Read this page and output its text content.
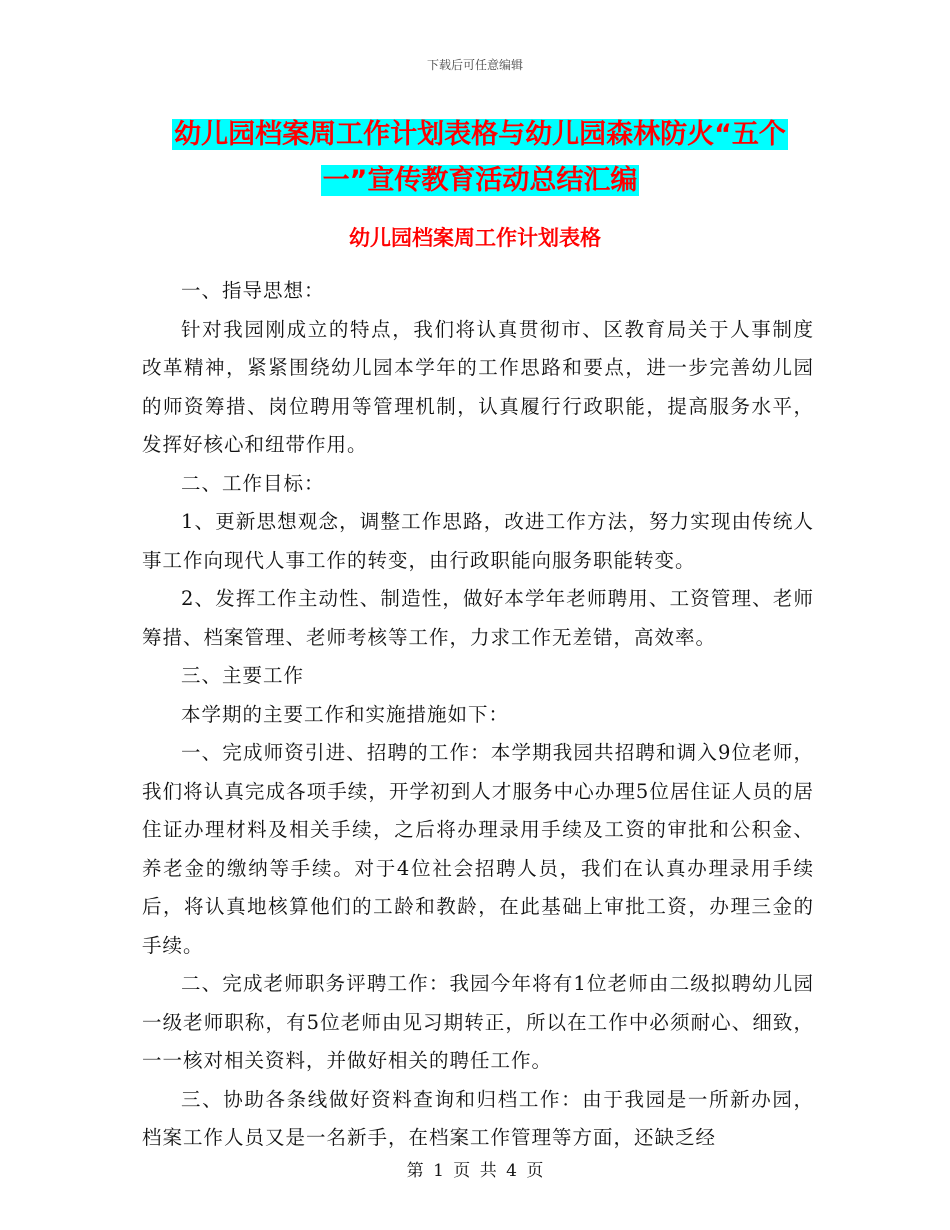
下载后可任意编辑
幼儿园档案周工作计划表格与幼儿园森林防火“五个
一”宣传教育活动总结汇编
幼儿园档案周工作计划表格

一、指导思想：

针对我园刚成立的特点，我们将认真贯彻市、区教育局关于人事制度改革精神，紧紧围绕幼儿园本学年的工作思路和要点，进一步完善幼儿园的师资筹措、岗位聘用等管理机制，认真履行行政职能，提高服务水平，发挥好核心和纽带作用。

二、工作目标：

1、更新思想观念，调整工作思路，改进工作方法，努力实现由传统人事工作向现代人事工作的转变，由行政职能向服务职能转变。

2、发挥工作主动性、制造性，做好本学年老师聘用、工资管理、老师筹措、档案管理、老师考核等工作，力求工作无差错，高效率。

三、主要工作

本学期的主要工作和实施措施如下：

一、完成师资引进、招聘的工作：本学期我园共招聘和调入9位老师，我们将认真完成各项手续，开学初到人才服务中心办理5位居住证人员的居住证办理材料及相关手续，之后将办理录用手续及工资的审批和公积金、养老金的缴纳等手续。对于4位社会招聘人员，我们在认真办理录用手续后，将认真地核算他们的工龄和教龄，在此基础上审批工资，办理三金的手续。

二、完成老师职务评聘工作：我园今年将有1位老师由二级拟聘幼儿园一级老师职称，有5位老师由见习期转正，所以在工作中必须耐心、细致，一一核对相关资料，并做好相关的聘任工作。

三、协助各条线做好资料查询和归档工作：由于我园是一所新办园，档案工作人员又是一名新手，在档案工作管理等方面，还缺乏经

第 1 页 共 4 页
